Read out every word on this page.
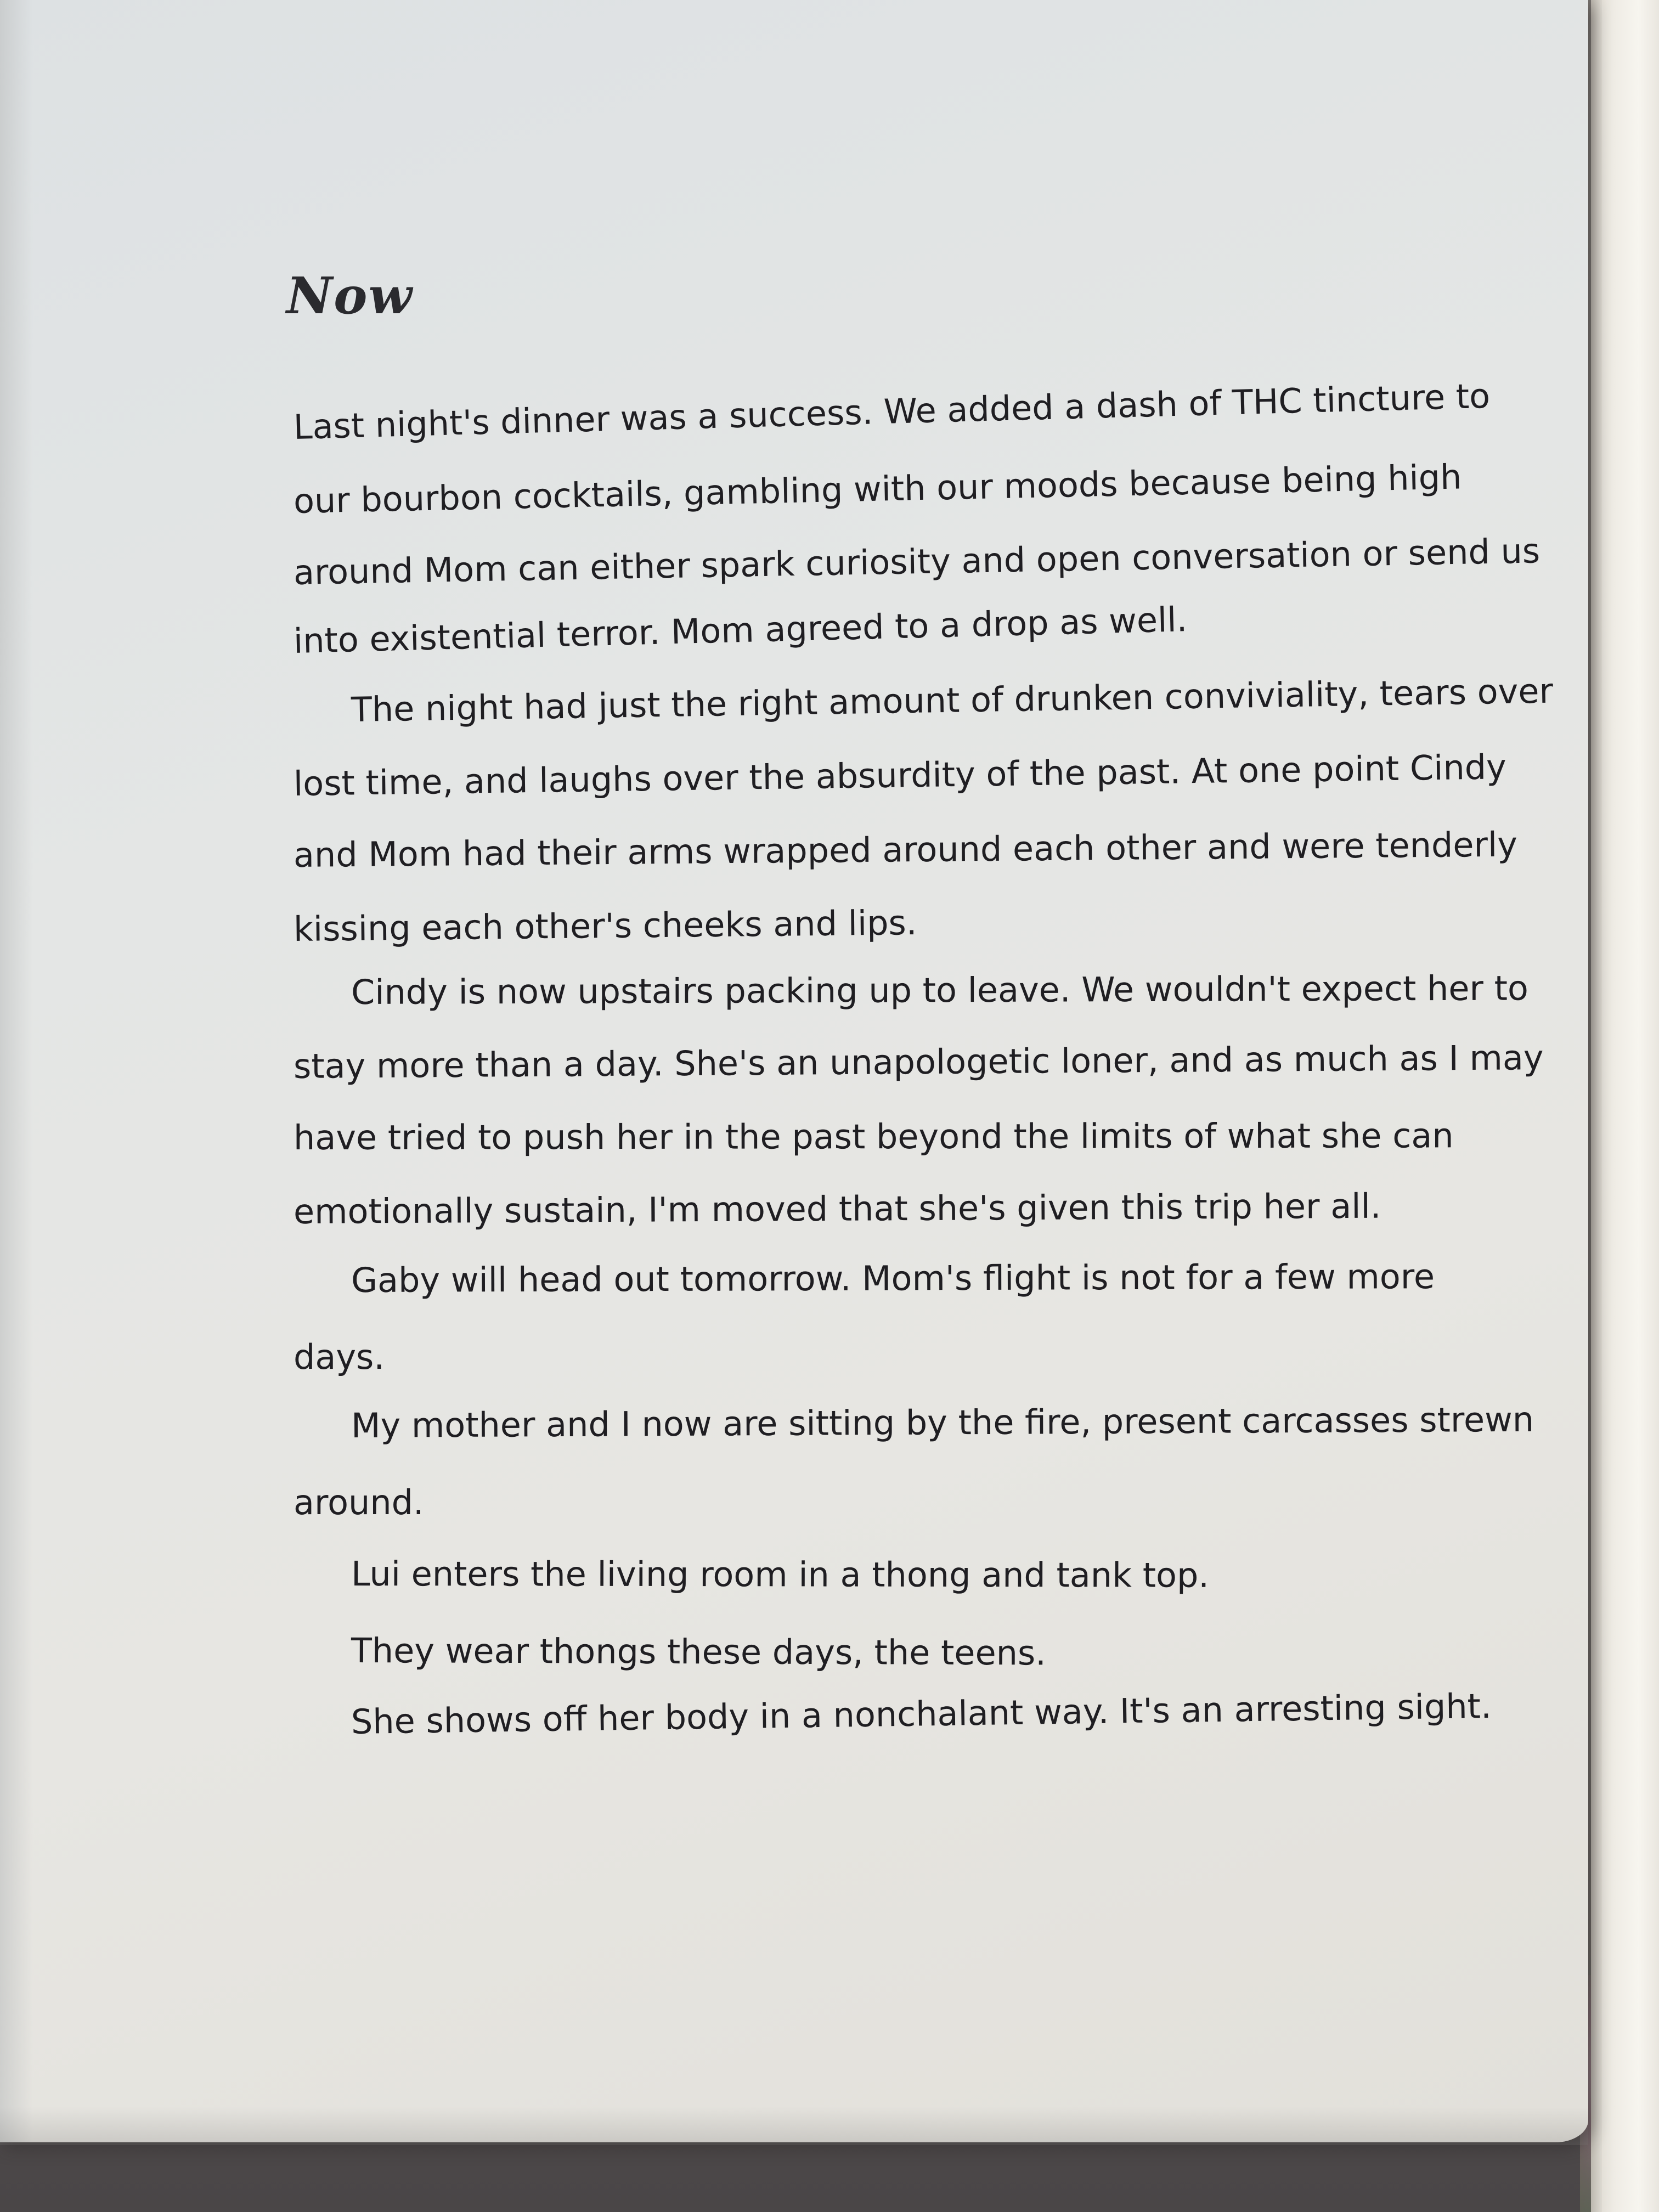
Now
Last night's dinner was a success. We added a dash of THC tincture to
our bourbon cocktails, gambling with our moods because being high
around Mom can either spark curiosity and open conversation or send us
into existential terror. Mom agreed to a drop as well.
The night had just the right amount of drunken conviviality, tears over
lost time, and laughs over the absurdity of the past. At one point Cindy
and Mom had their arms wrapped around each other and were tenderly
kissing each other's cheeks and lips.
Cindy is now upstairs packing up to leave. We wouldn't expect her to
stay more than a day. She's an unapologetic loner, and as much as I may
have tried to push her in the past beyond the limits of what she can
emotionally sustain, I'm moved that she's given this trip her all.
Gaby will head out tomorrow. Mom's flight is not for a few more
days.
My mother and I now are sitting by the fire, present carcasses strewn
around.
Lui enters the living room in a thong and tank top.
They wear thongs these days, the teens.
She shows off her body in a nonchalant way. It's an arresting sight.
